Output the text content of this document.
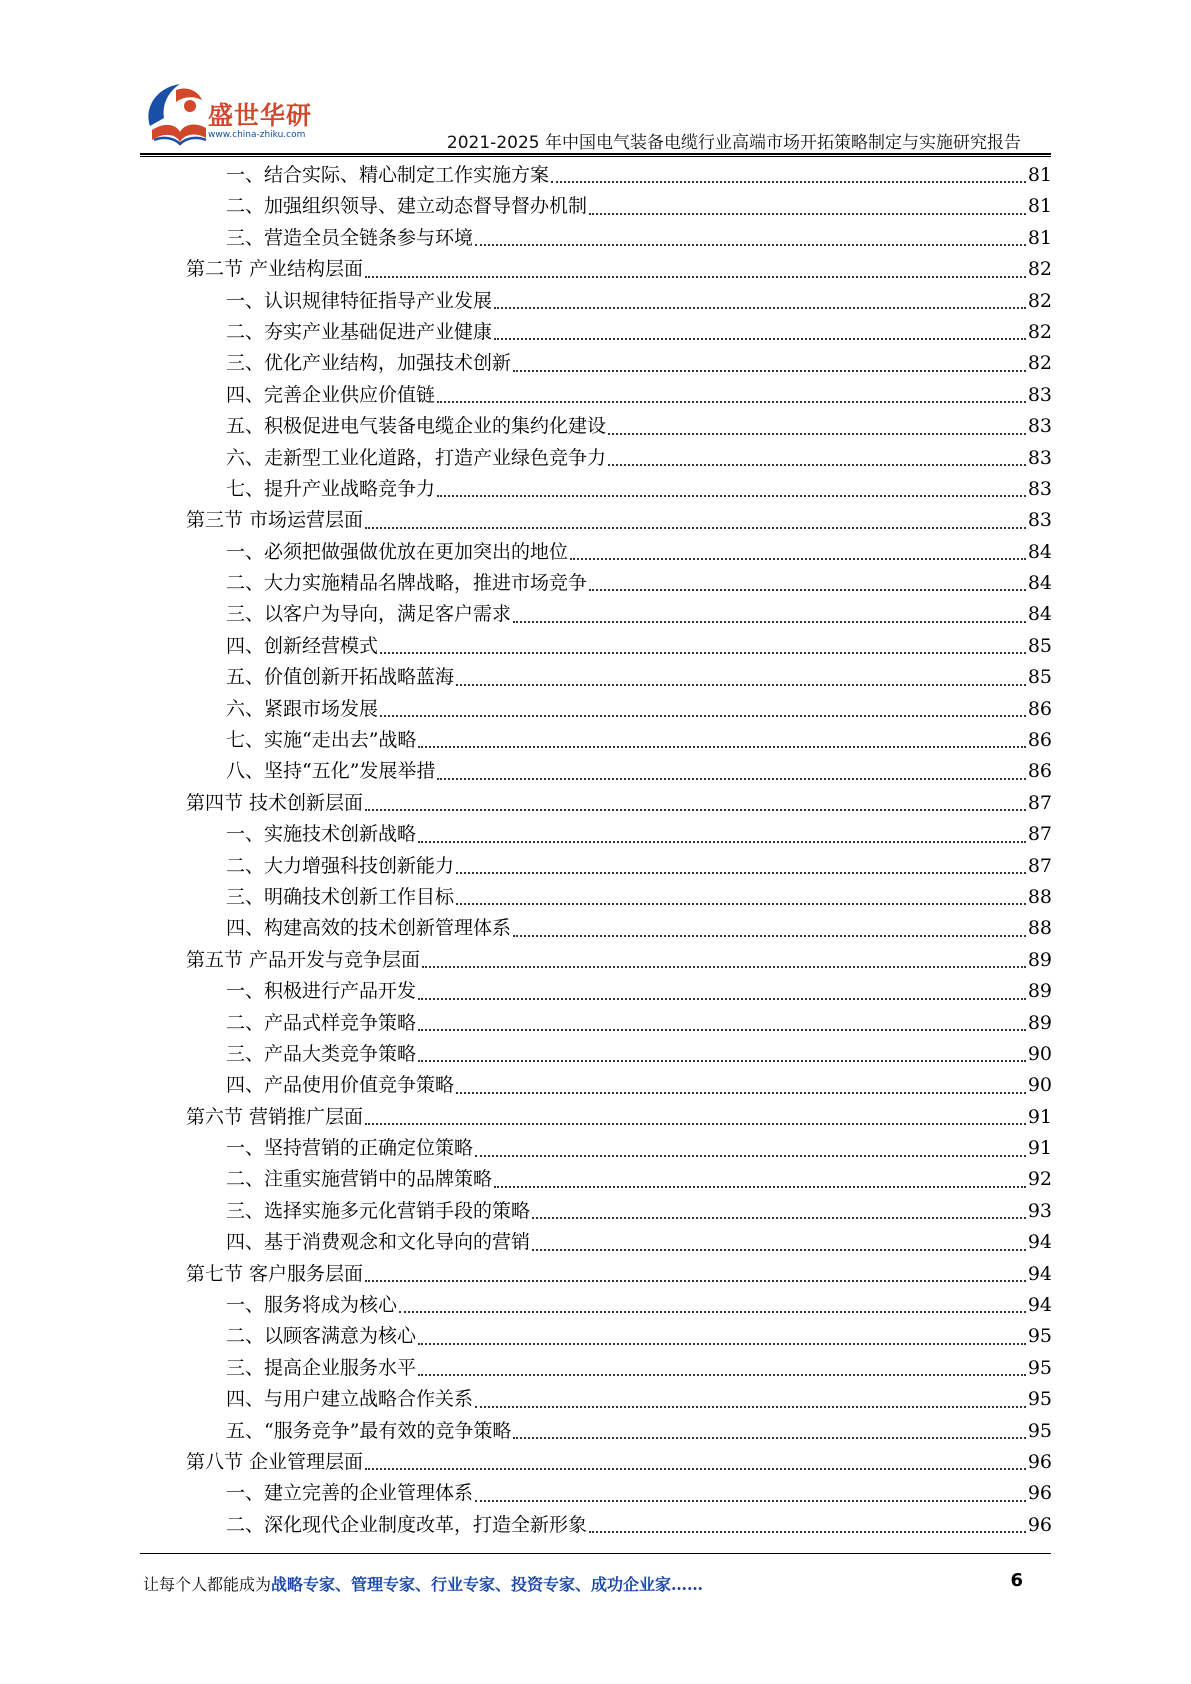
盛世华研
www.china-zhiku.com	2021-2025 年中国电气装备电缆行业高端市场开拓策略制定与实施研究报告
一、结合实际、精心制定工作实施方案	81
二、加强组织领导、建立动态督导督办机制	81
三、营造全员全链条参与环境	81
第二节 产业结构层面	82
一、认识规律特征指导产业发展	82
二、夯实产业基础促进产业健康	82
三、优化产业结构，加强技术创新	82
四、完善企业供应价值链	83
五、积极促进电气装备电缆企业的集约化建设	83
六、走新型工业化道路，打造产业绿色竞争力	83
七、提升产业战略竞争力	83
第三节 市场运营层面	83
一、必须把做强做优放在更加突出的地位	84
二、大力实施精品名牌战略，推进市场竞争	84
三、以客户为导向，满足客户需求	84
四、创新经营模式	85
五、价值创新开拓战略蓝海	85
六、紧跟市场发展	86
七、实施“走出去”战略	86
八、坚持“五化”发展举措	86
第四节 技术创新层面	87
一、实施技术创新战略	87
二、大力增强科技创新能力	87
三、明确技术创新工作目标	88
四、构建高效的技术创新管理体系	88
第五节 产品开发与竞争层面	89
一、积极进行产品开发	89
二、产品式样竞争策略	89
三、产品大类竞争策略	90
四、产品使用价值竞争策略	90
第六节 营销推广层面	91
一、坚持营销的正确定位策略	91
二、注重实施营销中的品牌策略	92
三、选择实施多元化营销手段的策略	93
四、基于消费观念和文化导向的营销	94
第七节 客户服务层面	94
一、服务将成为核心	94
二、以顾客满意为核心	95
三、提高企业服务水平	95
四、与用户建立战略合作关系	95
五、“服务竞争”最有效的竞争策略	95
第八节 企业管理层面	96
一、建立完善的企业管理体系	96
二、深化现代企业制度改革，打造全新形象	96
让每个人都能成为战略专家、管理专家、行业专家、投资专家、成功企业家……	6
